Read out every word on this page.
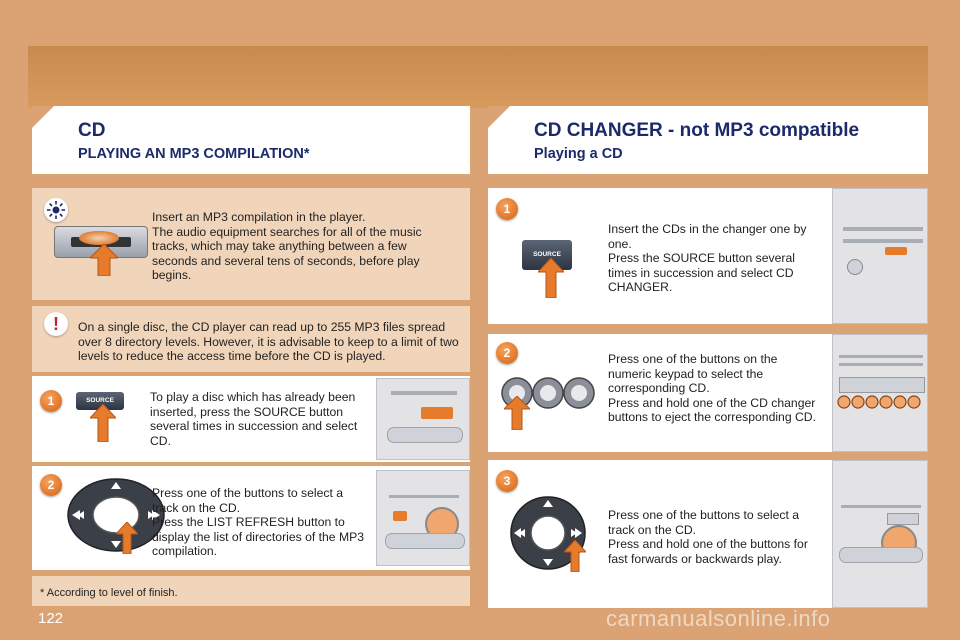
CD
PLAYING AN MP3 COMPILATION*
CD CHANGER - not MP3 compatible
Playing a CD

Insert an MP3 compilation in the player.

The audio equipment searches for all of the music tracks, which may take anything between a few seconds and several tens of seconds, before play begins.

!	On a single disc, the CD player can read up to 255 MP3 files spread over 8 directory levels. However, it is advisable to keep to a limit of two levels to reduce the access time before the CD is played.
1	SOURCE	To play a disc which has already been inserted, press the SOURCE button several times in succession and select CD.
2

Press one of the buttons to select a track on the CD.

Press the LIST REFRESH button to display the list of directories of the MP3 compilation.

* According to level of finish.
1
SOURCE

Insert the CDs in the changer one by one.

Press the SOURCE button several times in succession and select CD CHANGER.

2	Press one of the buttons on the numeric keypad to select the corresponding CD.

Press and hold one of the CD changer buttons to eject the corresponding CD.

3

Press one of the buttons to select a track on the CD.

Press and hold one of the buttons for fast forwards or backwards play.

122	carmanualsonline.info
